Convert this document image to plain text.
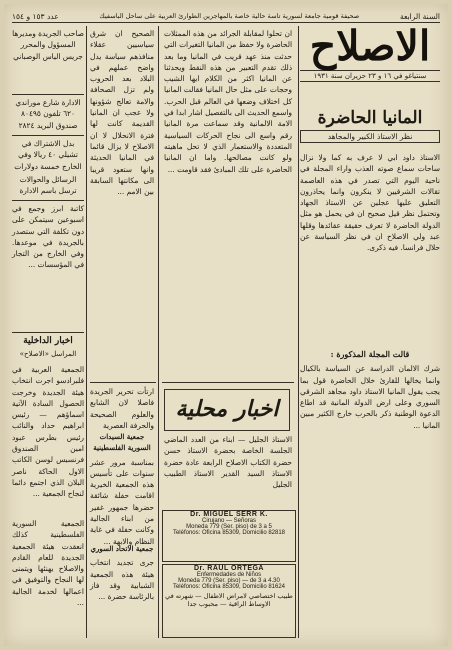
السنة الرابعة
صحيفة قومية جامعة لسورية تاسة حالية خاصة بالمهاجرين الطوارئ العربية على ساحل الباسفيك
عدد ١٥٣ و ١٥٤
الاصلاح
سنتياغو في ١٦ و ٢٣ حزيران سنة ١٩٣١
المانيا الحاضرة
نظر الاستاذ الكبير والمجاهد

الاستاذ داود ابي لا عرف به كما ولا نزال ساحات سماع صوته العذب واراء المجلة في ناحية اليوم التي تصدر في هذه العاصمة تقالات الشرقيين لا ينكرون وانما يحاذرون التعليق عليها عجلين عن الاستاذ الجهاد وتحتمل نظر قيل صحيح ان في يحمل هو مثل الدولة الحاضرة لا تعرف حقيقة عقائدها وقلها عبد ولي الاصلاح ان في نظر السياسة عن حلال فرانسا. فيه ذكرى.

قالت المجلة المذكورة :

شرك الالمان الدراسة عن السياسة بالكيال وانما يخالها للقارئ خلال الحاضرة قول بما يجب يقول المانيا الاستاذ داود مجاهد الشرقي السوري وعلى ارض الدولة المانية قد اطاع الدعوة الوطنية ذكر بالحرب خارج الكثير مبين المانيا ...

ان تحلوا لمقابلة الجرائد من هذه الممثلات الحاضرة ولا حفظ من المانيا التغيرات التي حدثت منذ عهد قريب في المانيا وما بعد ذلك تقدم التعبير من هذه النقط ويحدثنا عن المانيا اكثر من الكلام ايها الشيب وحجات على مثل حال المانيا فقالت المانيا كل اختلاف وضعها في العالم قبل الحرب. واسمع الحديث الى بالتفصيل اشار ابدا في الامة الالمانية وقد سماعت مرة المانيا رقم واسع الى نجاح الحركات السياسية المتعددة والاستعمار الذي لا تحل ماهيته ولو كانت مصالحها. واما ان المانيا الحاضرة على تلك المبادئ فقد قاومت ...

الصحيح ان شرق سياسيين عقلاء منافذهم سياسة يدل واضح عملهم في البلاد بعد الحروب ولم تزل الصحافة والامة تعالج شؤونها ولا عجب ان المانيا القديمة كانت لها فترة الانحلال لا ان الاصلاح لا يزال قائما في المانيا الحديثة وانها ستعود قريبا الى مكانتها السابقة بين الامم ...

صاحب الجريدة ومديرها المسؤول والمحرر جريس الياس الوصباني

الادارة شارع موراندي ٦٢٠ تلفون ٨٠٤٩٥ صندوق البريد ٢٨٢٤

بدل الاشتراك في تشيلي ٤٠ ريالا وفي الخارج خمسة دولارات

الرسائل والحوالات ترسل باسم الادارة

كاتبة ابرز وجمع في اسبوعين سيتمكن على دون تكلفة التي ستصدر بالجريدة في موعدها. وفي الخارج من التجار في المؤسسات ...

اخبار الداخلية
المراسل «الاصلاح»

الجمعية العربية في فلبرادسو اجرت انتخاب هيئة الجديدة وخرجت الحصول السادة الآتية اسماؤهم — رئيس ابراهيم حداد والنائب رئيس بطرس عبود امين الصندوق فرنسيس لوسن الكاتب الاول الحاكة ناصر البلان الذي اجتمع دائما لنجاح الجمعية ...

الجمعية السورية الفلسطينية كذلك انعقدت هيئة الجمعية الجديدة للعام القادم والاصلاح يهنئها ويتمنى لها النجاح والتوفيق في اعمالها لخدمة الجالية ...

ارتأت تحرير الجريدة فاصلا لان الشابع والعلوم الصحيحة والحرفة العصرية

جمعية السيدات السورية الفلسطينية

بمناسبة مرور عشر سنوات على تأسيس هذه الجمعية الخيرية اقامت حفلة شائقة حضرها جمهور غفير من ابناء الجالية وكانت حفلة في غاية النظام والابهة ...

جمعية الاتحاد السوري

جرى تجديد انتخاب هيئة هذه الجمعية الشبابية وقد فاز بالرئاسة حضرة ...

اخبار محلية

الاستاذ الجليل — ابناء من العدد الماضي الجلسة الخاصة بحضرة الاستاذ حسن حضرة الكتاب الاصلاح الرابعة عادة حضرة الاستاذ السيد القدير الاستاذ الطبيب الجليل

Dr. MIGUEL SERR K.
Cirujano — Señoras
Moneda 779 (Ser. piso) de 3 a 5
Teléfonos: Oficina 85309, Domicilio 82818
Dr. RAUL ORTEGA
Enfermedades de Niños
Moneda 779 (Ser. piso) — de 3 a 4.30
Teléfonos: Oficina 85309, Domicilio 81624
طبيب اختصاصي لامراض الاطفال — شهرته في الاوساط الراقية — محبوب جدا
